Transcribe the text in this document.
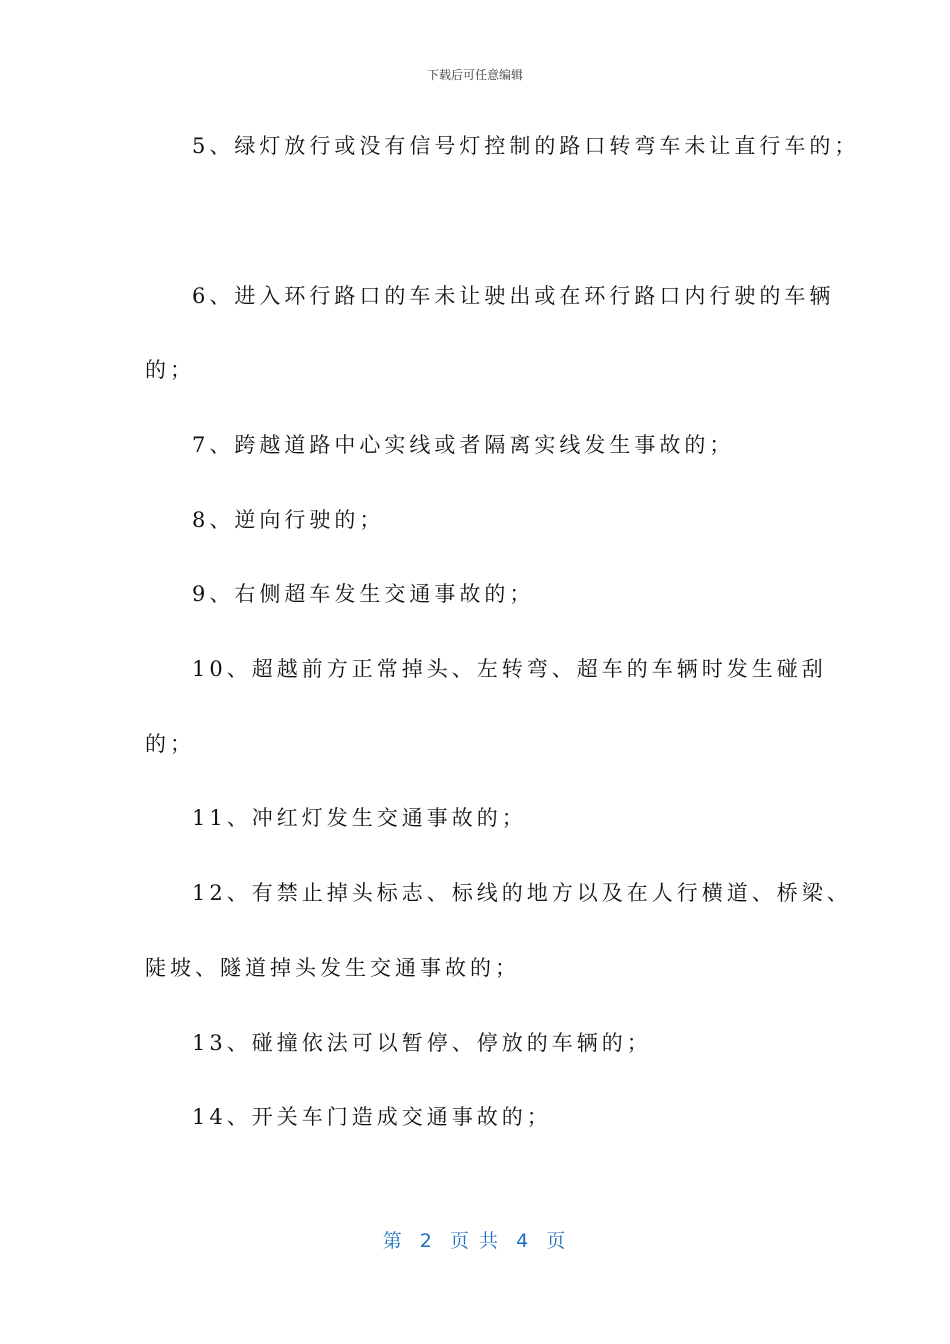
下载后可任意编辑
5、绿灯放行或没有信号灯控制的路口转弯车未让直行车的；
6、进入环行路口的车未让驶出或在环行路口内行驶的车辆
的；
7、跨越道路中心实线或者隔离实线发生事故的；
8、逆向行驶的；
9、右侧超车发生交通事故的；
10、超越前方正常掉头、左转弯、超车的车辆时发生碰刮
的；
11、冲红灯发生交通事故的；
12、有禁止掉头标志、标线的地方以及在人行横道、桥梁、
陡坡、隧道掉头发生交通事故的；
13、碰撞依法可以暂停、停放的车辆的；
14、开关车门造成交通事故的；
第  2  页 共  4  页
